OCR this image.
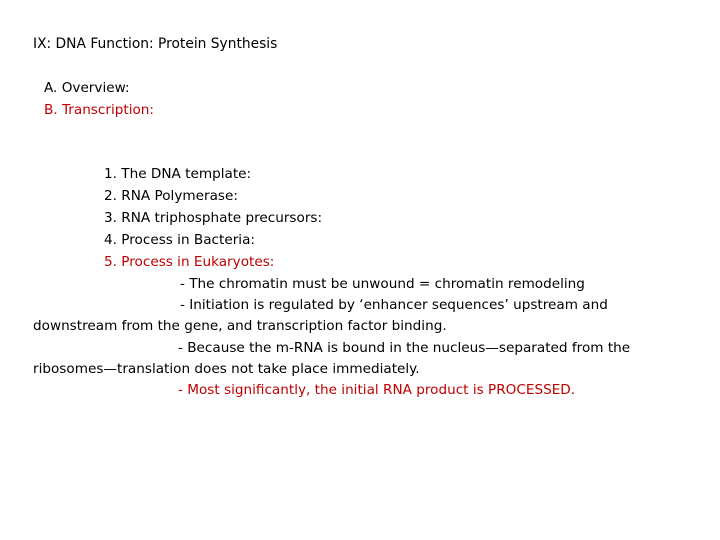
IX: DNA Function: Protein Synthesis
A. Overview:
B. Transcription:
1. The DNA template:
2. RNA Polymerase:
3. RNA triphosphate precursors:
4. Process in Bacteria:
5. Process in Eukaryotes:
- The chromatin must be unwound = chromatin remodeling
- Initiation is regulated by ‘enhancer sequences’ upstream and
downstream from the gene, and transcription factor binding.
- Because the m-RNA is bound in the nucleus—separated from the
ribosomes—translation does not take place immediately.
- Most significantly, the initial RNA product is PROCESSED.
